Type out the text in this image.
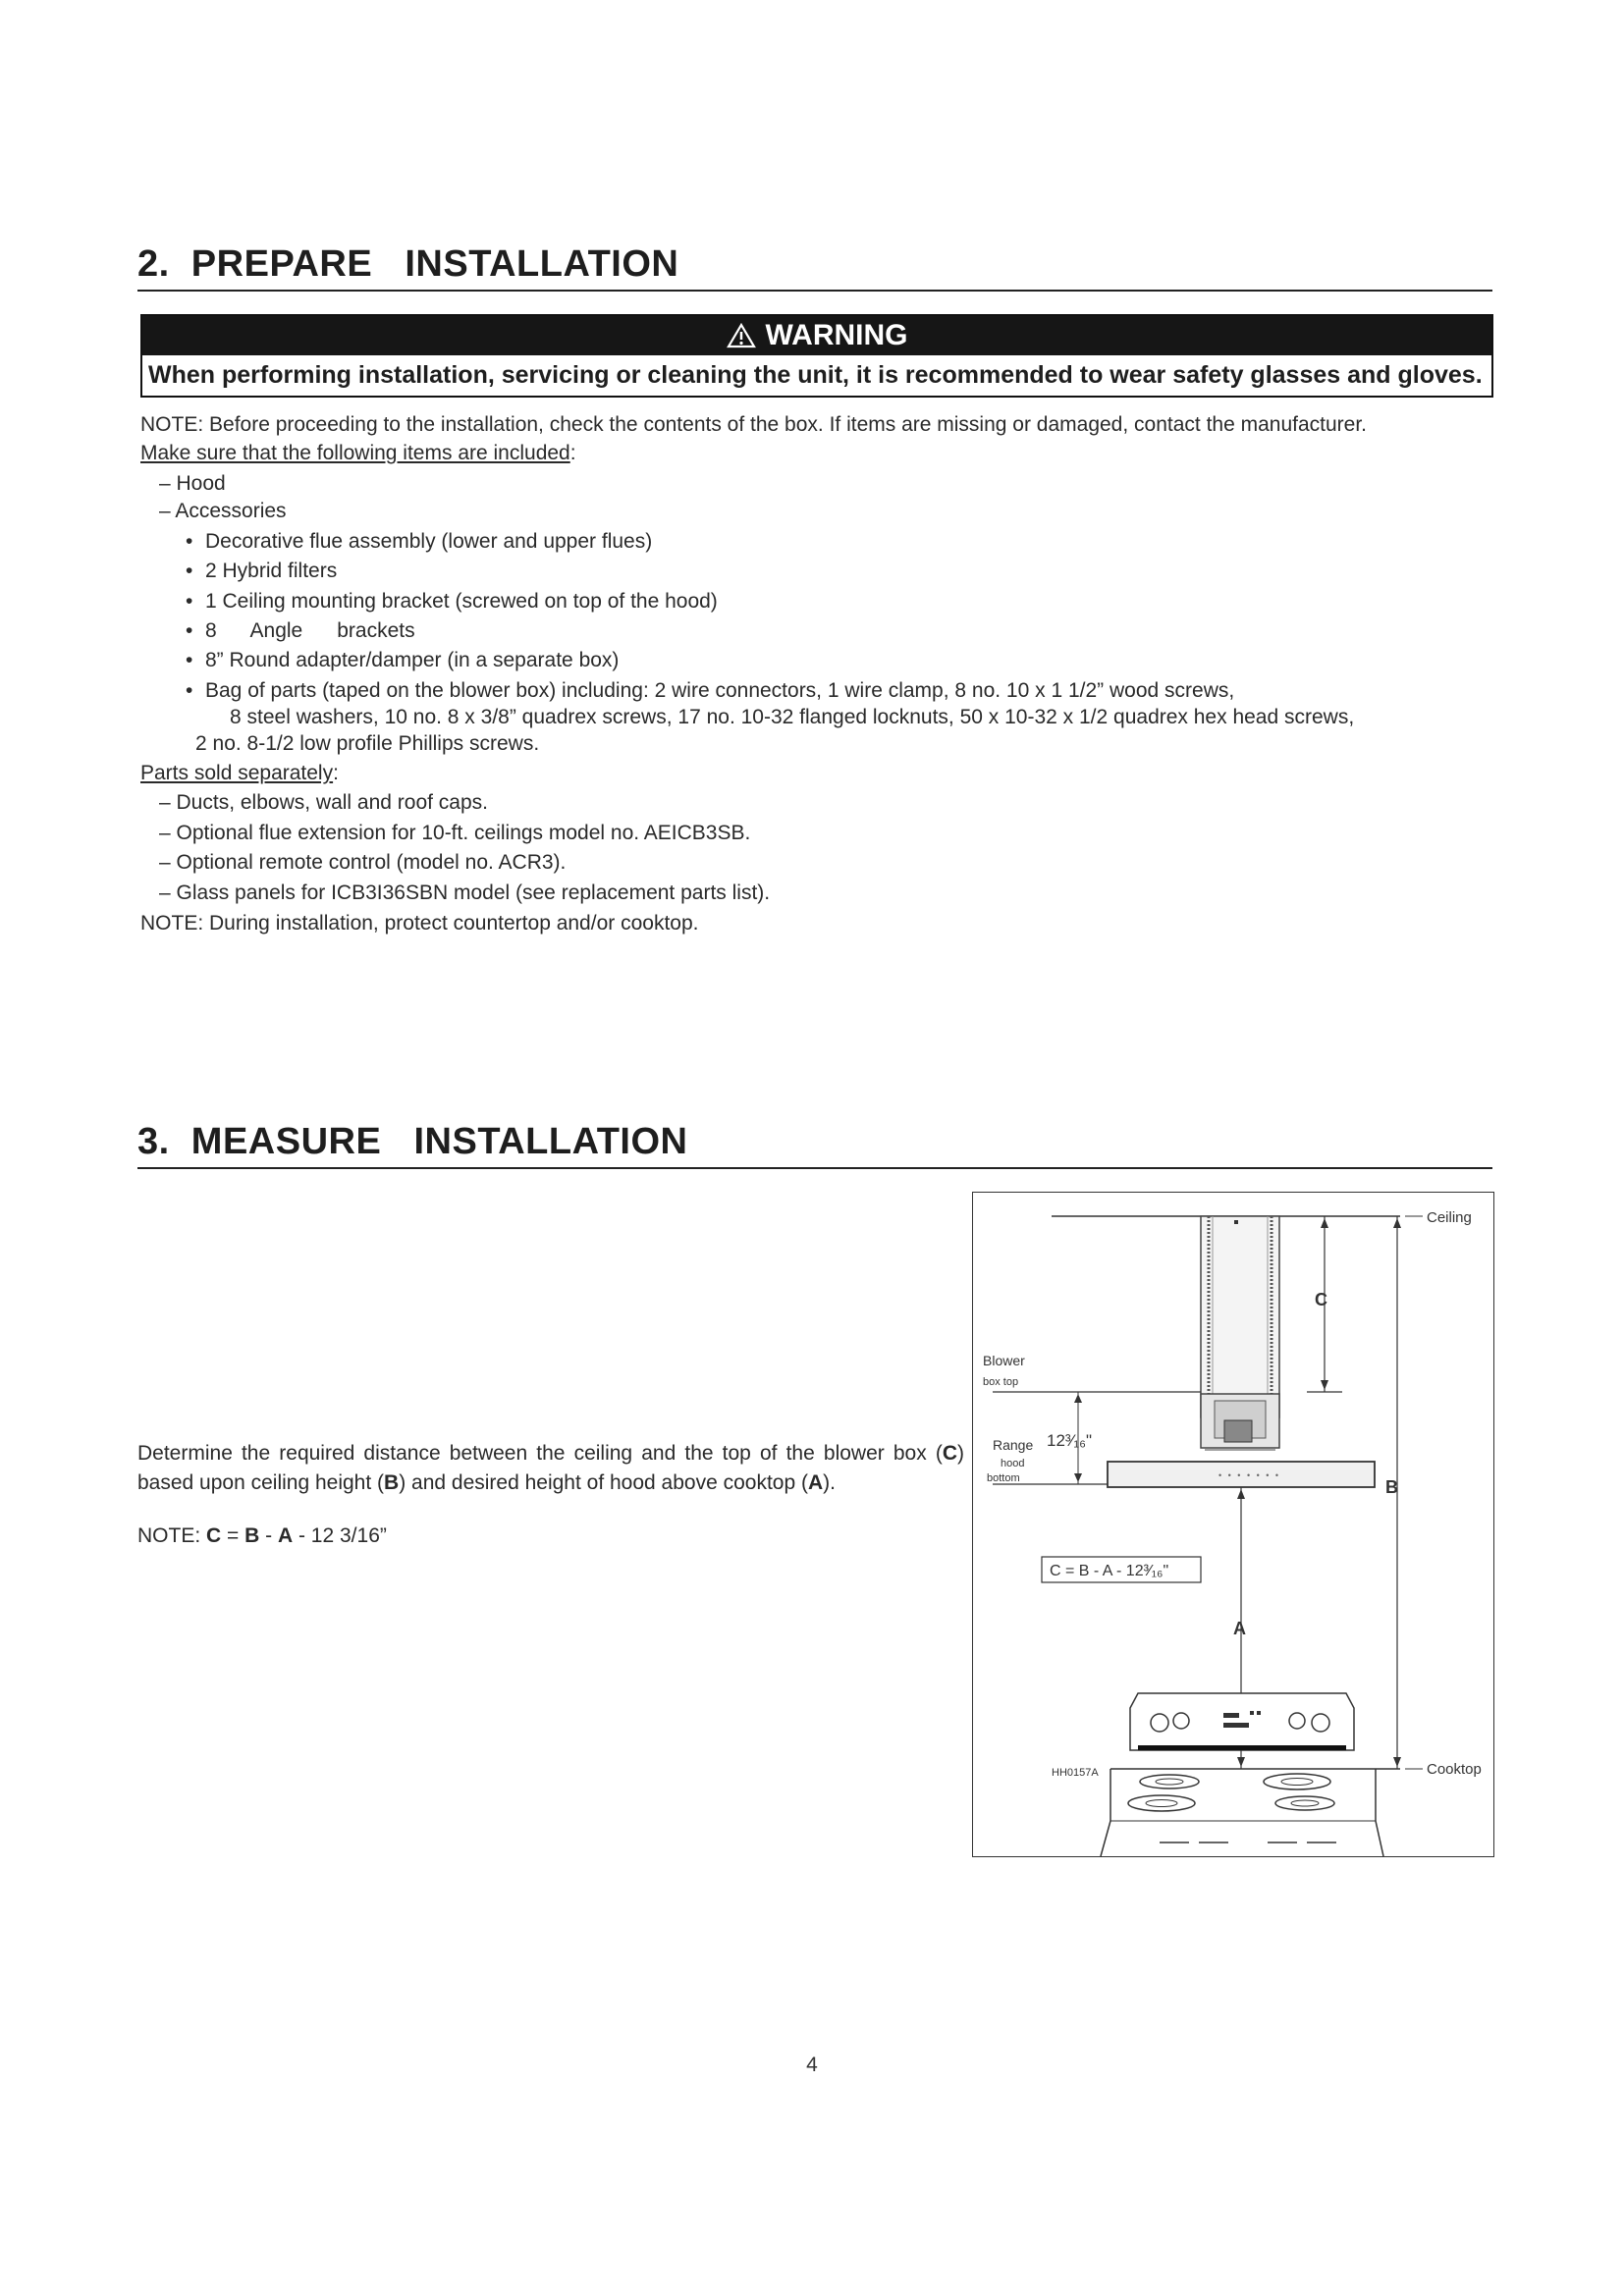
2.  PREPARE   INSTALLATION
WARNING
When performing installation, servicing or cleaning the unit, it is recommended to wear safety glasses and gloves.
NOTE: Before proceeding to the installation, check the contents of the box. If items are missing or damaged, contact the manufacturer.
Make sure that the following items are included:
– Hood
– Accessories
• Decorative flue assembly (lower and upper flues)
• 2 Hybrid filters
• 1 Ceiling mounting bracket (screwed on top of the hood)
• 8      Angle      brackets
• 8” Round adapter/damper (in a separate box)
• Bag of parts (taped on the blower box) including: 2 wire connectors, 1 wire clamp, 8 no. 10 x 1 1/2” wood screws,
8 steel washers, 10 no. 8 x 3/8” quadrex screws, 17 no. 10-32 flanged locknuts, 50 x 10-32 x 1/2 quadrex hex head screws,
2 no. 8-1/2 low profile Phillips screws.
Parts sold separately:
– Ducts, elbows, wall and roof caps.
– Optional flue extension for 10-ft. ceilings model no. AEICB3SB.
– Optional remote control (model no. ACR3).
– Glass panels for ICB3I36SBN model (see replacement parts list).
NOTE: During installation, protect countertop and/or cooktop.
3.  MEASURE   INSTALLATION
Determine the required distance between the ceiling and the top of the blower box (C) based upon ceiling height (B) and desired height of hood above cooktop (A).
NOTE: C = B - A - 12 3/16”
Ceiling
• • • • • • •
Blower
box top
Range
hood
bottom
12³⁄₁₆"
C
B
A
C = B - A - 12³⁄₁₆"
Cooktop
HH0157A
4
